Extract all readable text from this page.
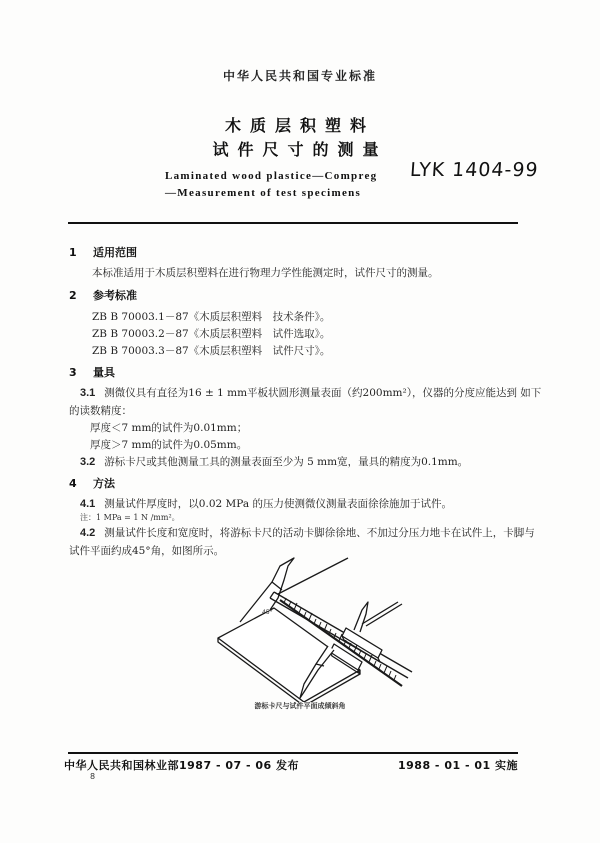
中华人民共和国专业标准
木质层积塑料
试件尺寸的测量
LYK 1404-99
Laminated wood plastice—Compreg
—Measurement of test specimens
1 适用范围
本标准适用于木质层积塑料在进行物理力学性能测定时，试件尺寸的测量。
2 参考标准
ZB B 70003.1－87《木质层积塑料　技术条件》。
ZB B 70003.2－87《木质层积塑料　试件选取》。
ZB B 70003.3－87《木质层积塑料　试件尺寸》。
3 量具
3.1 测微仪具有直径为16 ± 1 mm平板状圆形测量表面（约200mm²），仪器的分度应能达到 如下
的读数精度：
厚度＜7 mm的试件为0.01mm；
厚度＞7 mm的试件为0.05mm。
3.2 游标卡尺或其他测量工具的测量表面至少为 5 mm宽，量具的精度为0.1mm。
4 方法
4.1 测量试件厚度时，以0.02 MPa 的压力使测微仪测量表面徐徐施加于试件。
注：1 MPa = 1 N /mm²。
4.2 测量试件长度和宽度时，将游标卡尺的活动卡脚徐徐地、不加过分压力地卡在试件上，卡脚与
试件平面约成45°角，如图所示。
45°
游标卡尺与试件平面成倾斜角
中华人民共和国林业部1987 - 07 - 06 发布	1988 - 01 - 01 实施
8
